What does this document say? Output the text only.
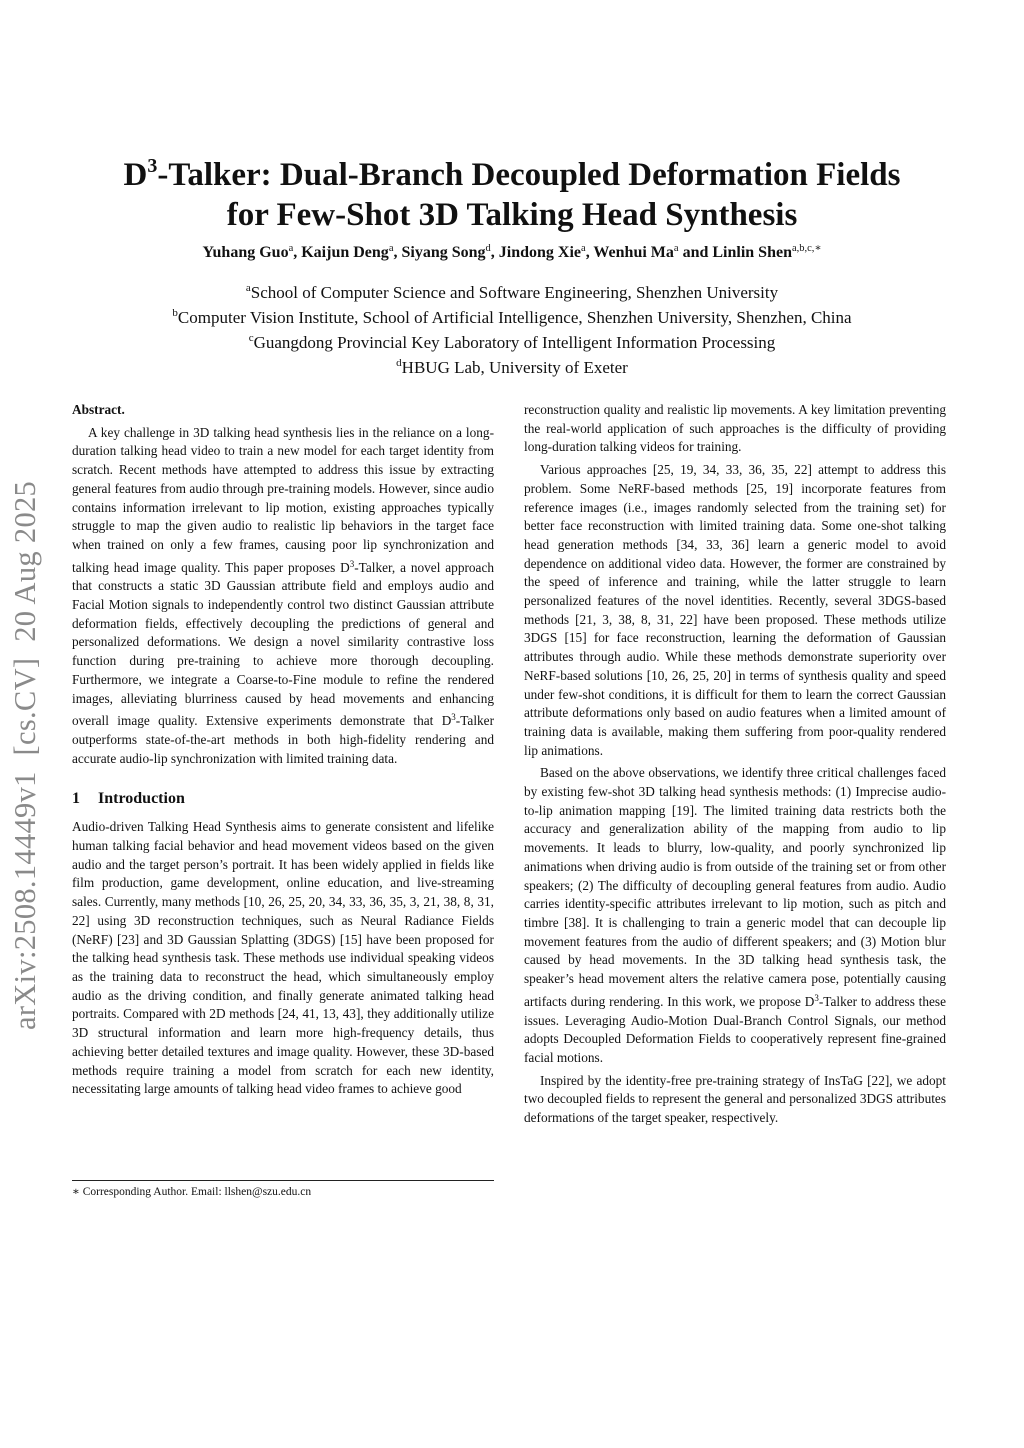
$D^3$-Talker: Dual-Branch Decoupled Deformation Fields
for Few-Shot 3D Talking Head Synthesis
Yuhang Guo$^a$, Kaijun Deng$^a$, Siyang Song$^d$, Jindong Xie$^a$, Wenhui Ma$^a$ and Linlin Shen$^{a,b,c,∗}$
$^a$School of Computer Science and Software Engineering, Shenzhen University
$^b$Computer Vision Institute, School of Artificial Intelligence, Shenzhen University, Shenzhen, China
$^c$Guangdong Provincial Key Laboratory of Intelligent Information Processing
$^d$HBUG Lab, University of Exeter
arXiv:2508.14449v1  [cs.CV]  20 Aug 2025

Abstract.

A key challenge in 3D talking head synthesis lies in the reliance on a long-duration talking head video to train a new model for each target identity from scratch. Recent methods have attempted to address this issue by extracting general features from audio through pre-training models. However, since audio contains information irrelevant to lip motion, existing approaches typically struggle to map the given audio to realistic lip behaviors in the target face when trained on only a few frames, causing poor lip synchronization and talking head image quality. This paper proposes $D^3$-Talker, a novel approach that constructs a static 3D Gaussian attribute field and employs audio and Facial Motion signals to independently control two distinct Gaussian attribute deformation fields, effectively decoupling the predictions of general and personalized deformations. We design a novel similarity contrastive loss function during pre-training to achieve more thorough decoupling. Furthermore, we integrate a Coarse-to-Fine module to refine the rendered images, alleviating blurriness caused by head movements and enhancing overall image quality. Extensive experiments demonstrate that $D^3$-Talker outperforms state-of-the-art methods in both high-fidelity rendering and accurate audio-lip synchronization with limited training data.

1 Introduction

Audio-driven Talking Head Synthesis aims to generate consistent and lifelike human talking facial behavior and head movement videos based on the given audio and the target person’s portrait. It has been widely applied in fields like film production, game development, online education, and live-streaming sales. Currently, many methods [10, 26, 25, 20, 34, 33, 36, 35, 3, 21, 38, 8, 31, 22] using 3D reconstruction techniques, such as Neural Radiance Fields (NeRF) [23] and 3D Gaussian Splatting (3DGS) [15] have been proposed for the talking head synthesis task. These methods use individual speaking videos as the training data to reconstruct the head, which simultaneously employ audio as the driving condition, and finally generate animated talking head portraits. Compared with 2D methods [24, 41, 13, 43], they additionally utilize 3D structural information and learn more high-frequency details, thus achieving better detailed textures and image quality. However, these 3D-based methods require training a model from scratch for each new identity, necessitating large amounts of talking head video frames to achieve good

∗ Corresponding Author. Email: llshen@szu.edu.cn

reconstruction quality and realistic lip movements. A key limitation preventing the real-world application of such approaches is the difficulty of providing long-duration talking videos for training.

Various approaches [25, 19, 34, 33, 36, 35, 22] attempt to address this problem. Some NeRF-based methods [25, 19] incorporate features from reference images (i.e., images randomly selected from the training set) for better face reconstruction with limited training data. Some one-shot talking head generation methods [34, 33, 36] learn a generic model to avoid dependence on additional video data. However, the former are constrained by the speed of inference and training, while the latter struggle to learn personalized features of the novel identities. Recently, several 3DGS-based methods [21, 3, 38, 8, 31, 22] have been proposed. These methods utilize 3DGS [15] for face reconstruction, learning the deformation of Gaussian attributes through audio. While these methods demonstrate superiority over NeRF-based solutions [10, 26, 25, 20] in terms of synthesis quality and speed under few-shot conditions, it is difficult for them to learn the correct Gaussian attribute deformations only based on audio features when a limited amount of training data is available, making them suffering from poor-quality rendered lip animations.

Based on the above observations, we identify three critical challenges faced by existing few-shot 3D talking head synthesis methods: (1) Imprecise audio-to-lip animation mapping [19]. The limited training data restricts both the accuracy and generalization ability of the mapping from audio to lip movements. It leads to blurry, low-quality, and poorly synchronized lip animations when driving audio is from outside of the training set or from other speakers; (2) The difficulty of decoupling general features from audio. Audio carries identity-specific attributes irrelevant to lip motion, such as pitch and timbre [38]. It is challenging to train a generic model that can decouple lip movement features from the audio of different speakers; and (3) Motion blur caused by head movements. In the 3D talking head synthesis task, the speaker’s head movement alters the relative camera pose, potentially causing artifacts during rendering. In this work, we propose $D^3$-Talker to address these issues. Leveraging Audio-Motion Dual-Branch Control Signals, our method adopts Decoupled Deformation Fields to cooperatively represent fine-grained facial motions.

Inspired by the identity-free pre-training strategy of InsTaG [22], we adopt two decoupled fields to represent the general and personalized 3DGS attributes deformations of the target speaker, respectively.
